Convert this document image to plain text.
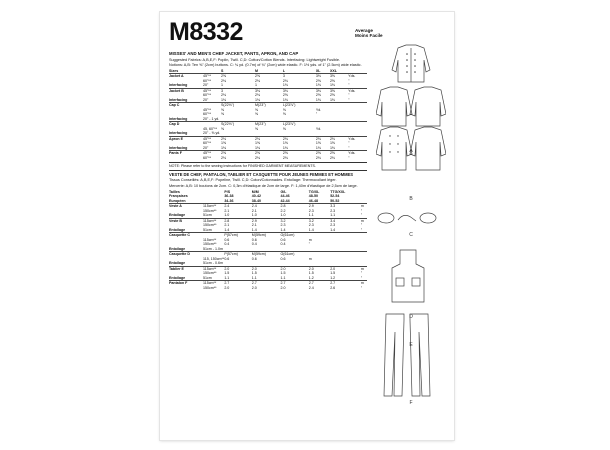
M8332	Average
Moins Facile
MISSES' AND MEN'S CHEF JACKET, PANTS, APRON, AND CAP
Suggested Fabrics: A,B,E,F: Poplin, Twill. C,D: Cotton/Cotton Blends. Interfacing: Lightweight Fusible.
Notions: A,B: Ten ⅝" (2cm) buttons. C: ¾ yd. (0.7m) of ¾" (2cm) wide elastic. F: 1½ yds. of 1" (2.5cm) wide elastic.
Sizes		S	M	L	XL	XXL	
Jacket A	45"**	2⅝	2⅝	3	3⅛	3⅝	Yds.
	60"**	2⅛	2⅛	2⅛	2⅝	2⅝	"
Interfacing	20"	1	1	1⅛	1⅛	1⅛	"
Jacket B	45"**	3	3⅛	3⅛	3⅜	3⅝	Yds.
	60"**	2⅛	2⅛	2⅝	2⅝	2⅝	"
Interfacing	20"	1⅛	1⅛	1⅛	1⅛	1⅛	"
Cap C		S(22⅛")	M(23")	L(23⅞")			
	45"**	⅝	⅝	⅝	Yd.		
	60"**	⅝	⅝	⅝	"		
Interfacing	20" - 1 yd.						
Cap D		S(22⅛")	M(23")	L(23⅞")			
	45, 60"**	⅝	⅝	⅝	Yd.		
Interfacing	20" - ⅝ yd.						
Apron E	45"**	2⅛	2⅛	2⅛	2⅛	2⅛	Yds.
	60"**	1⅝	1⅝	1⅝	1⅝	1⅝	"
Interfacing	20"	1⅛	1⅛	1⅛	1⅛	1⅛	"
Pants F	45"**	2⅝	2⅝	2⅝	2⅝	2⅝	Yds.
	60"**	2⅛	2⅛	2⅛	2⅛	2⅛	"
NOTE: Please refer to the sewing instructions for FINISHED GARMENT MEASUREMENTS.
VESTE DE CHEF, PANTALON, TABLIER ET CASQUETTE POUR JEUNES FEMMES ET HOMMES
Tissus Conseillés: A,B,E,F: Popeline, Twill. C,D: Coton/Cotonnades. Entoilage: Thermocollant léger.
Mercerie: A,B: 10 boutons de 2cm. C: 0,3m d'élastique de 2cm de large. F: 1,40m d'élastique de 2,5cm de large.
Tailles		P/S	M/M	G/L	TG/XL	TTG/XXL	
Françaises		36-38	40-42	44-46	48-50	52-54	
Européen		34-36	38-40	42-44	46-48	50-52	
Veste A	115cm**	2.4	2.4	2.8	2.9	3.3	m
	150cm**	2.1	2.1	2.2	2.3	2.3	"
Entoilage	51cm	1.0	1.0	1.0	1.1	1.1	"
Veste B	115cm**	2.8	2.9	3.2	3.2	3.4	m
	150cm**	2.1	2.1	2.3	2.3	2.3	"
Entoilage	51cm	1.4	1.4	1.4	1.4	1.4	"
Casquette C		P(57cm)	M(59cm)	G(61cm)			
	115cm**	0.6	0.6	0.6	m		
	150cm**	0.4	0.4	0.4	"		
Entoilage	51cm - 1.0m						
Casquette D		P(57cm)	M(59cm)	G(61cm)			
	115, 150cm**	0.6	0.6	0.6	m		
Entoilage	51cm - 0.6m						
Tablier E	115cm**	2.0	2.0	2.0	2.0	2.0	m
	150cm**	1.5	1.5	1.5	1.5	1.5	"
Entoilage	51cm	1.1	1.1	1.1	1.2	1.2	"
Pantalon F	115cm**	2.7	2.7	2.7	2.7	2.7	m
	150cm**	2.0	2.0	2.0	2.4	2.6	"
A
B
C
D
E
F
